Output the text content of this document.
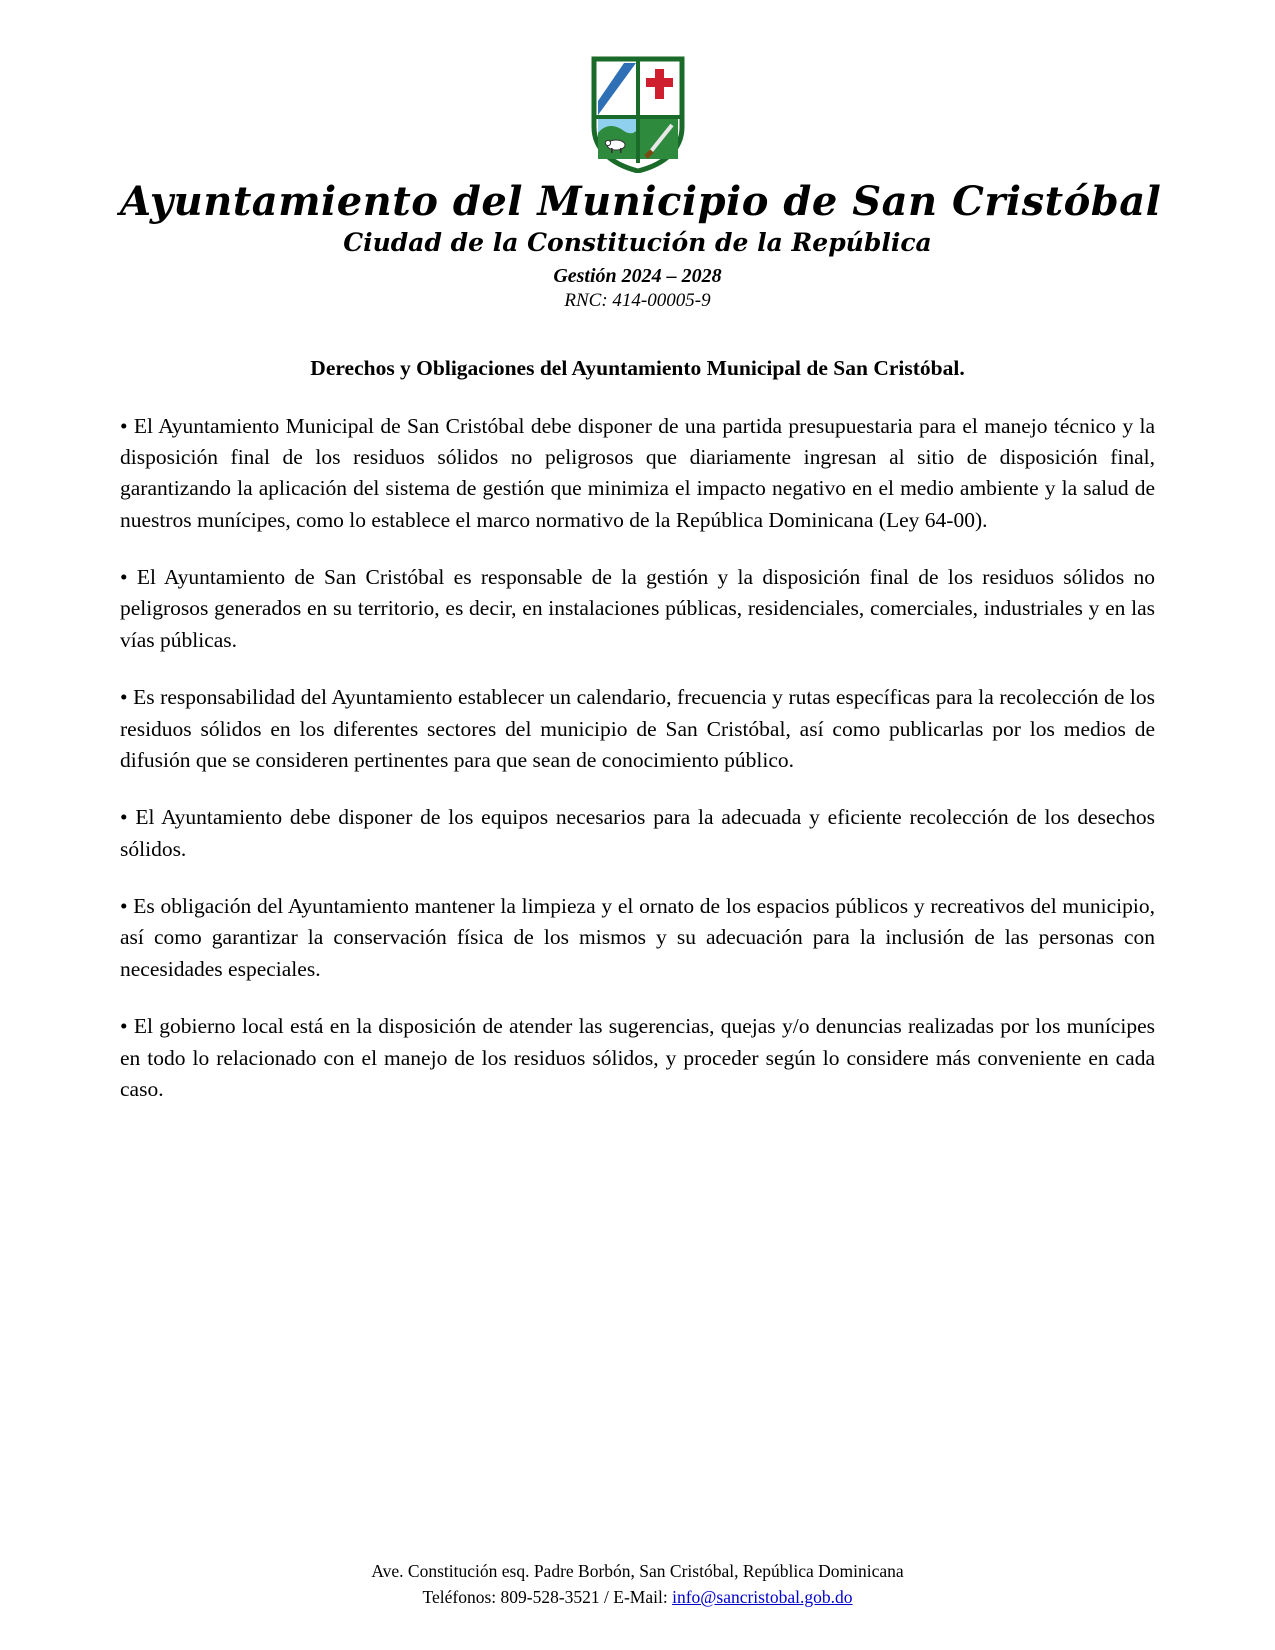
Ayuntamiento del Municipio de San Cristóbal
Ciudad de la Constitución de la República
Gestión 2024 – 2028
RNC: 414-00005-9
Derechos y Obligaciones del Ayuntamiento Municipal de San Cristóbal.

• El Ayuntamiento Municipal de San Cristóbal debe disponer de una partida presupuestaria para el manejo técnico y la disposición final de los residuos sólidos no peligrosos que diariamente ingresan al sitio de disposición final, garantizando la aplicación del sistema de gestión que minimiza el impacto negativo en el medio ambiente y la salud de nuestros munícipes, como lo establece el marco normativo de la República Dominicana (Ley 64-00).

• El Ayuntamiento de San Cristóbal es responsable de la gestión y la disposición final de los residuos sólidos no peligrosos generados en su territorio, es decir, en instalaciones públicas, residenciales, comerciales, industriales y en las vías públicas.

• Es responsabilidad del Ayuntamiento establecer un calendario, frecuencia y rutas específicas para la recolección de los residuos sólidos en los diferentes sectores del municipio de San Cristóbal, así como publicarlas por los medios de difusión que se consideren pertinentes para que sean de conocimiento público.

• El Ayuntamiento debe disponer de los equipos necesarios para la adecuada y eficiente recolección de los desechos sólidos.

• Es obligación del Ayuntamiento mantener la limpieza y el ornato de los espacios públicos y recreativos del municipio, así como garantizar la conservación física de los mismos y su adecuación para la inclusión de las personas con necesidades especiales.

• El gobierno local está en la disposición de atender las sugerencias, quejas y/o denuncias realizadas por los munícipes en todo lo relacionado con el manejo de los residuos sólidos, y proceder según lo considere más conveniente en cada caso.

Ave. Constitución esq. Padre Borbón, San Cristóbal, República Dominicana
Teléfonos: 809-528-3521 / E-Mail: info@sancristobal.gob.do
